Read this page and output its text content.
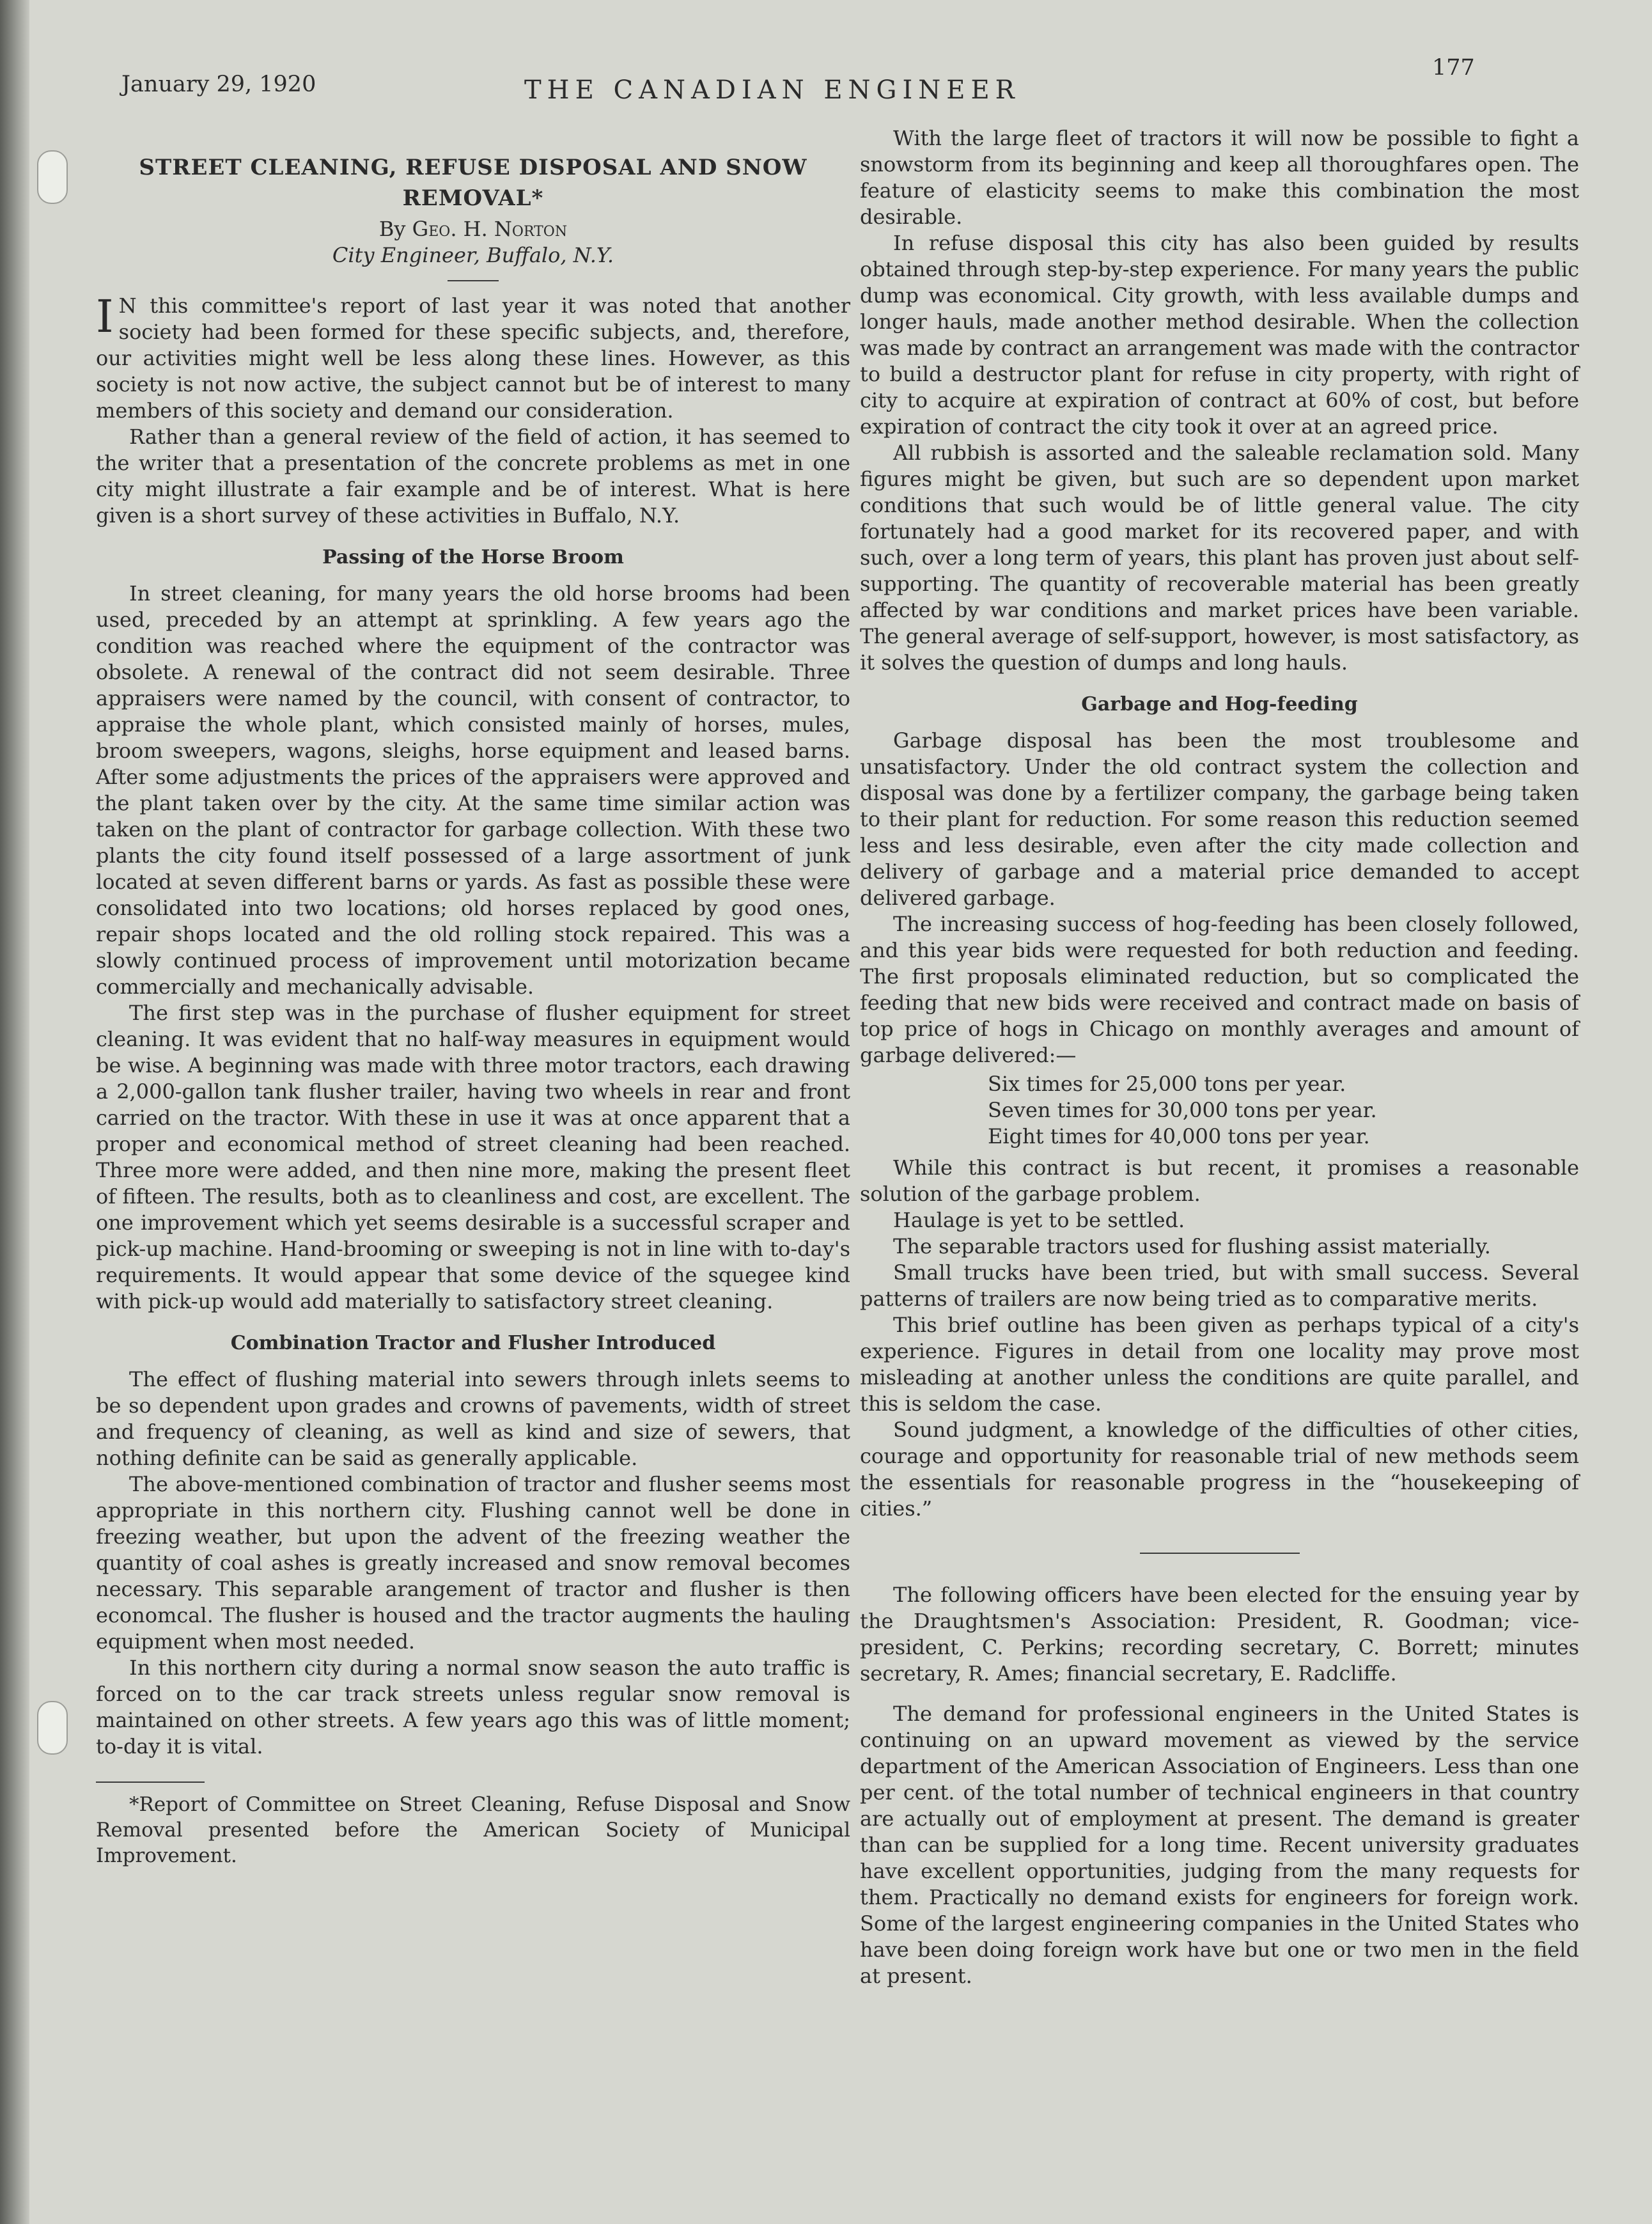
January 29, 1920	THE CANADIAN ENGINEER
177
STREET CLEANING, REFUSE DISPOSAL AND SNOW REMOVAL*
By Geo. H. Norton
City Engineer, Buffalo, N.Y.

I N this committee's report of last year it was noted that another society had been formed for these specific subjects, and, therefore, our activities might well be less along these lines. However, as this society is not now active, the subject cannot but be of interest to many members of this society and demand our consideration.

Rather than a general review of the field of action, it has seemed to the writer that a presentation of the concrete problems as met in one city might illustrate a fair example and be of interest. What is here given is a short survey of these activities in Buffalo, N.Y.

Passing of the Horse Broom

In street cleaning, for many years the old horse brooms had been used, preceded by an attempt at sprinkling. A few years ago the condition was reached where the equipment of the contractor was obsolete. A renewal of the contract did not seem desirable. Three appraisers were named by the council, with consent of contractor, to appraise the whole plant, which consisted mainly of horses, mules, broom sweepers, wagons, sleighs, horse equipment and leased barns. After some adjustments the prices of the appraisers were approved and the plant taken over by the city. At the same time similar action was taken on the plant of contractor for garbage collection. With these two plants the city found itself possessed of a large assortment of junk located at seven different barns or yards. As fast as possible these were consolidated into two locations; old horses replaced by good ones, repair shops located and the old rolling stock repaired. This was a slowly continued process of improvement until motorization became commercially and mechanically advisable.

The first step was in the purchase of flusher equipment for street cleaning. It was evident that no half-way measures in equipment would be wise. A beginning was made with three motor tractors, each drawing a 2,000-gallon tank flusher trailer, having two wheels in rear and front carried on the tractor. With these in use it was at once apparent that a proper and economical method of street cleaning had been reached. Three more were added, and then nine more, making the present fleet of fifteen. The results, both as to cleanliness and cost, are excellent. The one improvement which yet seems desirable is a successful scraper and pick-up machine. Hand-brooming or sweeping is not in line with to-day's requirements. It would appear that some device of the squegee kind with pick-up would add materially to satisfactory street cleaning.

Combination Tractor and Flusher Introduced

The effect of flushing material into sewers through inlets seems to be so dependent upon grades and crowns of pavements, width of street and frequency of cleaning, as well as kind and size of sewers, that nothing definite can be said as generally applicable.

The above-mentioned combination of tractor and flusher seems most appropriate in this northern city. Flushing cannot well be done in freezing weather, but upon the advent of the freezing weather the quantity of coal ashes is greatly increased and snow removal becomes necessary. This separable arangement of tractor and flusher is then economcal. The flusher is housed and the tractor augments the hauling equipment when most needed.

In this northern city during a normal snow season the auto traffic is forced on to the car track streets unless regular snow removal is maintained on other streets. A few years ago this was of little moment; to-day it is vital.

*Report of Committee on Street Cleaning, Refuse Disposal and Snow Removal presented before the American Society of Municipal Improvement.

With the large fleet of tractors it will now be possible to fight a snowstorm from its beginning and keep all thoroughfares open. The feature of elasticity seems to make this combination the most desirable.

In refuse disposal this city has also been guided by results obtained through step-by-step experience. For many years the public dump was economical. City growth, with less available dumps and longer hauls, made another method desirable. When the collection was made by contract an arrangement was made with the contractor to build a destructor plant for refuse in city property, with right of city to acquire at expiration of contract at 60% of cost, but before expiration of contract the city took it over at an agreed price.

All rubbish is assorted and the saleable reclamation sold. Many figures might be given, but such are so dependent upon market conditions that such would be of little general value. The city fortunately had a good market for its recovered paper, and with such, over a long term of years, this plant has proven just about self-supporting. The quantity of recoverable material has been greatly affected by war conditions and market prices have been variable. The general average of self-support, however, is most satisfactory, as it solves the question of dumps and long hauls.

Garbage and Hog-feeding

Garbage disposal has been the most troublesome and unsatisfactory. Under the old contract system the collection and disposal was done by a fertilizer company, the garbage being taken to their plant for reduction. For some reason this reduction seemed less and less desirable, even after the city made collection and delivery of garbage and a material price demanded to accept delivered garbage.

The increasing success of hog-feeding has been closely followed, and this year bids were requested for both reduction and feeding. The first proposals eliminated reduction, but so complicated the feeding that new bids were received and contract made on basis of top price of hogs in Chicago on monthly averages and amount of garbage delivered:—

Six times for 25,000 tons per year.
Seven times for 30,000 tons per year.
Eight times for 40,000 tons per year.

While this contract is but recent, it promises a reasonable solution of the garbage problem.

Haulage is yet to be settled.

The separable tractors used for flushing assist materially.

Small trucks have been tried, but with small success. Several patterns of trailers are now being tried as to comparative merits.

This brief outline has been given as perhaps typical of a city's experience. Figures in detail from one locality may prove most misleading at another unless the conditions are quite parallel, and this is seldom the case.

Sound judgment, a knowledge of the difficulties of other cities, courage and opportunity for reasonable trial of new methods seem the essentials for reasonable progress in the “housekeeping of cities.”

The following officers have been elected for the ensuing year by the Draughtsmen's Association: President, R. Goodman; vice-president, C. Perkins; recording secretary, C. Borrett; minutes secretary, R. Ames; financial secretary, E. Radcliffe.

The demand for professional engineers in the United States is continuing on an upward movement as viewed by the service department of the American Association of Engineers. Less than one per cent. of the total number of technical engineers in that country are actually out of employment at present. The demand is greater than can be supplied for a long time. Recent university graduates have excellent opportunities, judging from the many requests for them. Practically no demand exists for engineers for foreign work. Some of the largest engineering companies in the United States who have been doing foreign work have but one or two men in the field at present.
